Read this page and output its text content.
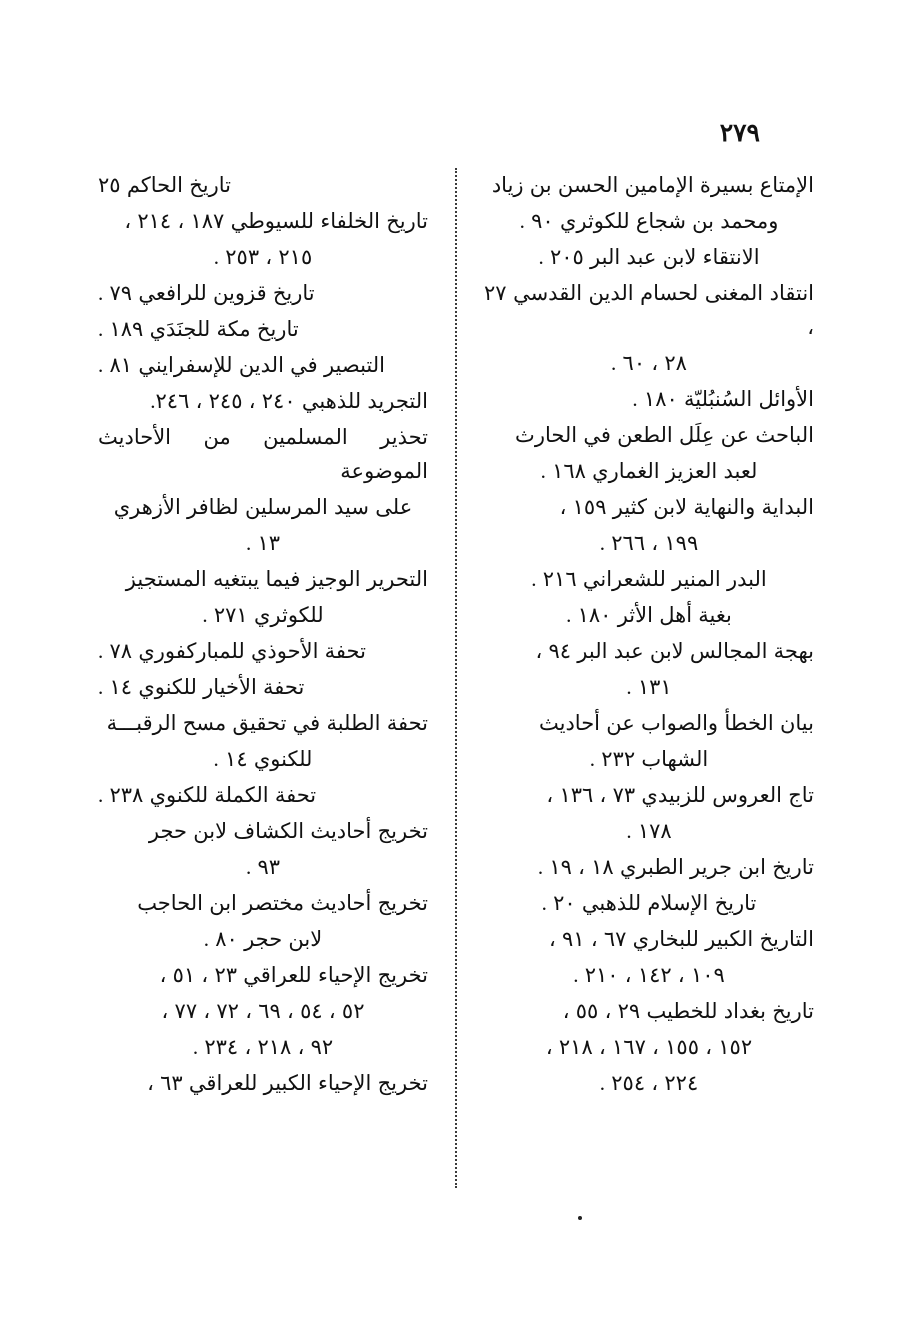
٢٧٩

الإمتاع بسيرة الإمامين الحسن بن زياد

ومحمد بن شجاع للكوثري ٩٠ .

الانتقاء لابن عبد البر ٢٠٥ .

انتقاد المغنى لحسام الدين القدسي ٢٧ ،

٢٨ ، ٦٠ .

الأوائل السُنبُليّة ١٨٠ .

الباحث عن عِلَل الطعن في الحارث

لعبد العزيز الغماري ١٦٨ .

البداية والنهاية لابن كثير ١٥٩ ،

١٩٩ ، ٢٦٦ .

البدر المنير للشعراني ٢١٦ .

بغية أهل الأثر ١٨٠ .

بهجة المجالس لابن عبد البر ٩٤ ،

١٣١ .

بيان الخطأ والصواب عن أحاديث

الشهاب ٢٣٢ .

تاج العروس للزبيدي ٧٣ ، ١٣٦ ،

١٧٨ .

تاريخ ابن جرير الطبري ١٨ ، ١٩ .

تاريخ الإسلام للذهبي ٢٠ .

التاريخ الكبير للبخاري ٦٧ ، ٩١ ،

١٠٩ ، ١٤٢ ، ٢١٠ .

تاريخ بغداد للخطيب ٢٩ ، ٥٥ ،

١٥٢ ، ١٥٥ ، ١٦٧ ، ٢١٨ ،

٢٢٤ ، ٢٥٤ .

تاريخ الحاكم ٢٥

تاريخ الخلفاء للسيوطي ١٨٧ ، ٢١٤ ،

٢١٥ ، ٢٥٣ .

تاريخ قزوين للرافعي ٧٩ .

تاريخ مكة للجنَدَي ١٨٩ .

التبصير في الدين للإسفرايني ٨١ .

التجريد للذهبي ٢٤٠ ، ٢٤٥ ، ٢٤٦.

تحذير المسلمين من الأحاديث الموضوعة

على سيد المرسلين لظافر الأزهري

١٣ .

التحرير الوجيز فيما يبتغيه المستجيز

للكوثري ٢٧١ .

تحفة الأحوذي للمباركفوري ٧٨ .

تحفة الأخيار للكنوي ١٤ .

تحفة الطلبة في تحقيق مسح الرقبـــة

للكنوي ١٤ .

تحفة الكملة للكنوي ٢٣٨ .

تخريج أحاديث الكشاف لابن حجر

٩٣ .

تخريج أحاديث مختصر ابن الحاجب

لابن حجر ٨٠ .

تخريج الإحياء للعراقي ٢٣ ، ٥١ ،

٥٢ ، ٥٤ ، ٦٩ ، ٧٢ ، ٧٧ ،

٩٢ ، ٢١٨ ، ٢٣٤ .

تخريج الإحياء الكبير للعراقي ٦٣ ،
